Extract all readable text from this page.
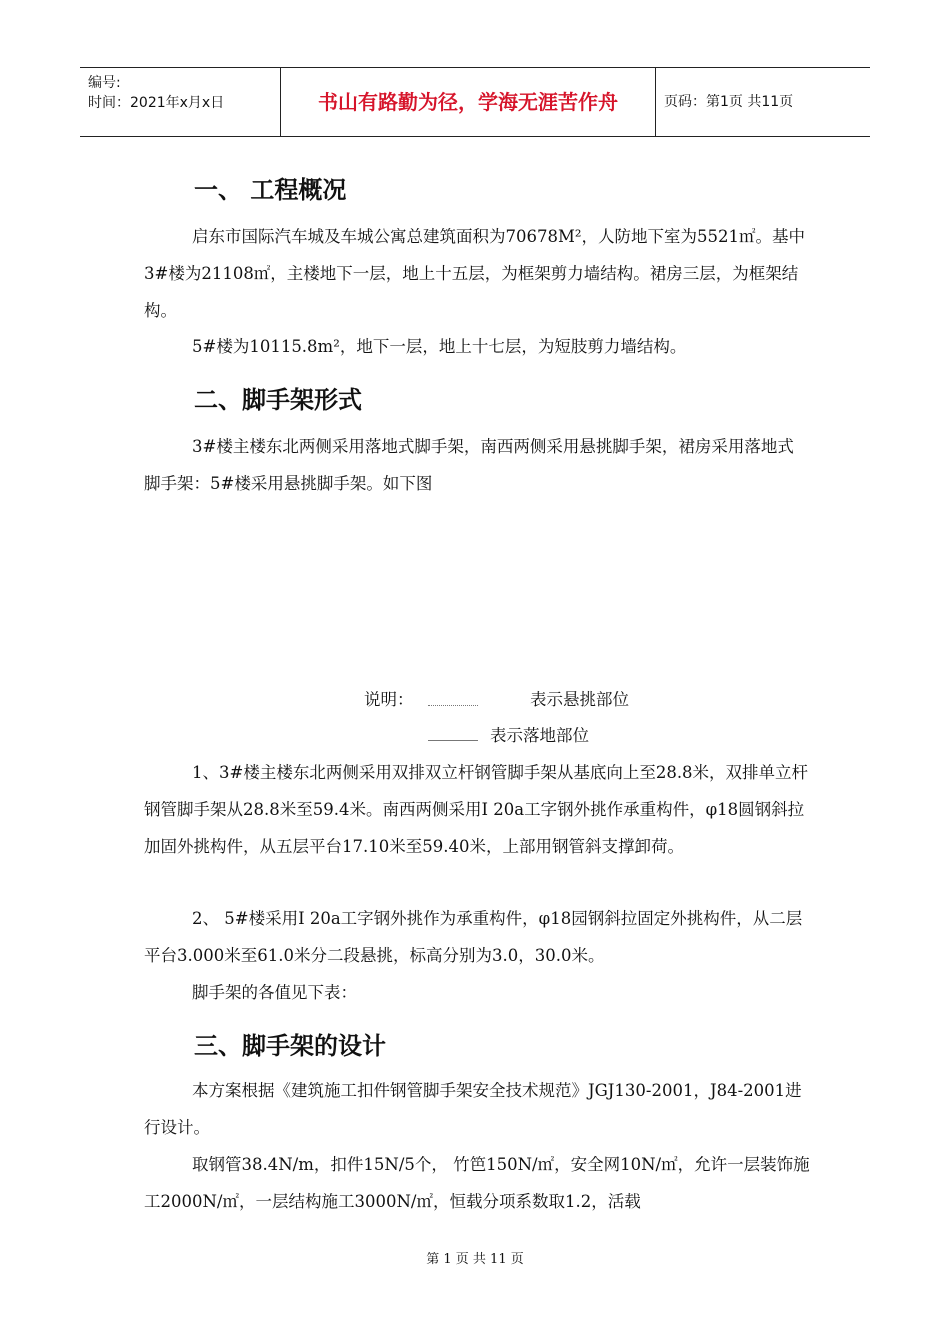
编号:
时间：2021年x月x日	书山有路勤为径，学海无涯苦作舟	页码：第1页 共11页
一、 工程概况

启东市国际汽车城及车城公寓总建筑面积为70678M²，人防地下室为5521㎡。基中3#楼为21108㎡，主楼地下一层，地上十五层，为框架剪力墙结构。裙房三层，为框架结构。

5#楼为10115.8m²，地下一层，地上十七层，为短肢剪力墙结构。

二、脚手架形式

3#楼主楼东北两侧采用落地式脚手架，南西两侧采用悬挑脚手架，裙房采用落地式脚手架：5#楼采用悬挑脚手架。如下图

说明：	表示悬挑部位
表示落地部位

1、3#楼主楼东北两侧采用双排双立杆钢管脚手架从基底向上至28.8米，双排单立杆钢管脚手架从28.8米至59.4米。南西两侧采用Ⅰ 20a工字钢外挑作承重构件，φ18圆钢斜拉加固外挑构件，从五层平台17.10米至59.40米，上部用钢管斜支撑卸荷。

2、 5#楼采用Ⅰ 20a工字钢外挑作为承重构件，φ18园钢斜拉固定外挑构件，从二层平台3.000米至61.0米分二段悬挑，标高分别为3.0，30.0米。

脚手架的各值见下表：

三、脚手架的设计

本方案根据《建筑施工扣件钢管脚手架安全技术规范》JGJ130-2001，J84-2001进行设计。

取钢管38.4N/m，扣件15N/5个， 竹笆150N/㎡，安全网10N/㎡，允许一层装饰施工2000N/㎡，一层结构施工3000N/㎡，恒载分项系数取1.2，活载

第 1 页 共 11 页
